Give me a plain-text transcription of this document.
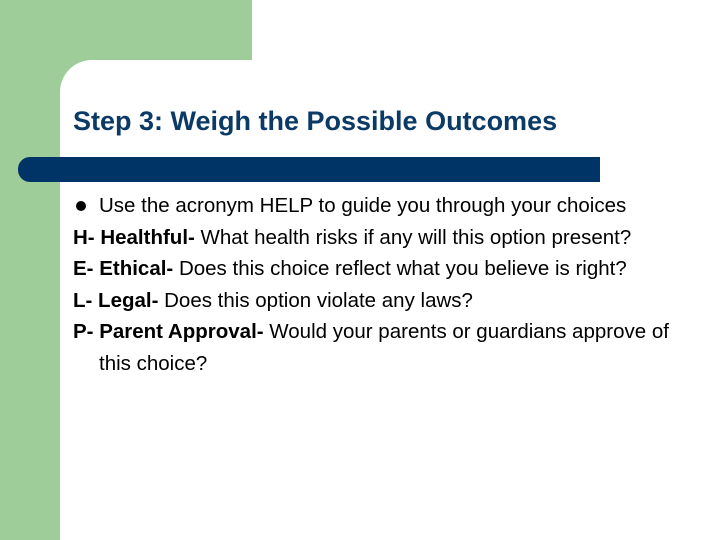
Step 3: Weigh the Possible Outcomes
Use the acronym HELP to guide you through your choices
H- Healthful- What health risks if any will this option present?
E- Ethical- Does this choice reflect what you believe is right?
L- Legal- Does this option violate any laws?
P- Parent Approval- Would your parents or guardians approve of this choice?
